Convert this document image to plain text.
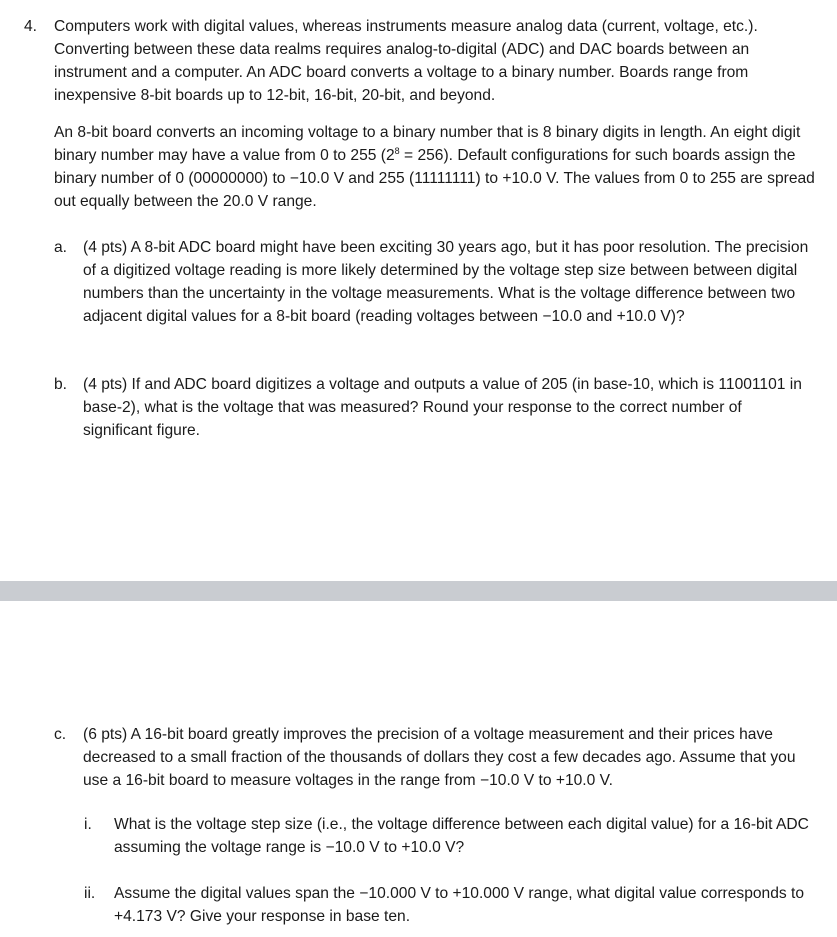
4. Computers work with digital values, whereas instruments measure analog data (current, voltage, etc.). Converting between these data realms requires analog-to-digital (ADC) and DAC boards between an instrument and a computer. An ADC board converts a voltage to a binary number. Boards range from inexpensive 8-bit boards up to 12-bit, 16-bit, 20-bit, and beyond.
An 8-bit board converts an incoming voltage to a binary number that is 8 binary digits in length. An eight digit binary number may have a value from 0 to 255 $(2^8 = 256)$. Default configurations for such boards assign the binary number of 0 (00000000) to −10.0 V and 255 (11111111) to +10.0 V. The values from 0 to 255 are spread out equally between the 20.0 V range.
a. (4 pts) A 8-bit ADC board might have been exciting 30 years ago, but it has poor resolution. The precision of a digitized voltage reading is more likely determined by the voltage step size between between digital numbers than the uncertainty in the voltage measurements. What is the voltage difference between two adjacent digital values for a 8-bit board (reading voltages between −10.0 and +10.0 V)?
b. (4 pts) If and ADC board digitizes a voltage and outputs a value of 205 (in base-10, which is 11001101 in base-2), what is the voltage that was measured? Round your response to the correct number of significant figure.
c. (6 pts) A 16-bit board greatly improves the precision of a voltage measurement and their prices have decreased to a small fraction of the thousands of dollars they cost a few decades ago. Assume that you use a 16-bit board to measure voltages in the range from −10.0 V to +10.0 V.
i. What is the voltage step size (i.e., the voltage difference between each digital value) for a 16-bit ADC assuming the voltage range is −10.0 V to +10.0 V?
ii. Assume the digital values span the −10.000 V to +10.000 V range, what digital value corresponds to +4.173 V? Give your response in base ten.
